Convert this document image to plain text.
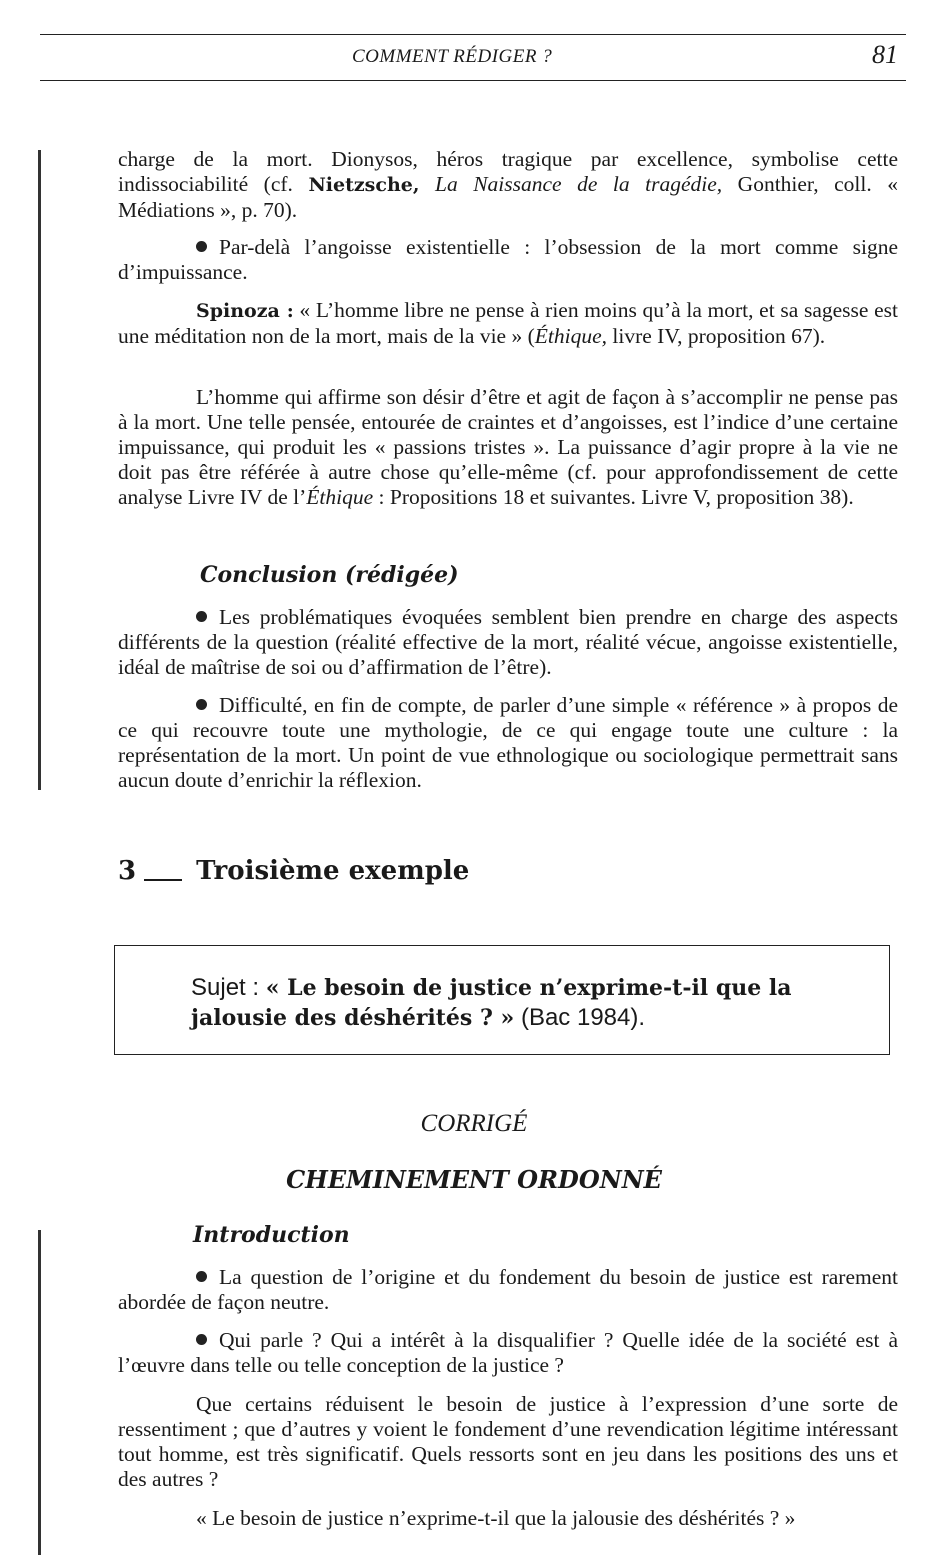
COMMENT RÉDIGER ?	81
charge de la mort. Dionysos, héros tragique par excellence, symbolise cette indissociabilité (cf. Nietzsche, La Naissance de la tragédie, Gonthier, coll. « Médiations », p. 70).
Par-delà l’angoisse existentielle : l’obsession de la mort comme signe d’impuissance.
Spinoza : « L’homme libre ne pense à rien moins qu’à la mort, et sa sagesse est une méditation non de la mort, mais de la vie » (Éthique, livre IV, proposition 67).
L’homme qui affirme son désir d’être et agit de façon à s’accomplir ne pense pas à la mort. Une telle pensée, entourée de craintes et d’angoisses, est l’indice d’une certaine impuissance, qui produit les « passions tristes ». La puissance d’agir propre à la vie ne doit pas être référée à autre chose qu’elle-même (cf. pour approfondissement de cette analyse Livre IV de l’Éthique : Propositions 18 et suivantes. Livre V, proposition 38).
Conclusion (rédigée)
Les problématiques évoquées semblent bien prendre en charge des aspects différents de la question (réalité effective de la mort, réalité vécue, angoisse existentielle, idéal de maîtrise de soi ou d’affirmation de l’être).
Difficulté, en fin de compte, de parler d’une simple « référence » à propos de ce qui recouvre toute une mythologie, de ce qui engage toute une culture : la représentation de la mort. Un point de vue ethnologique ou sociologique permettrait sans aucun doute d’enrichir la réflexion.
3 Troisième exemple
Sujet : « Le besoin de justice n’exprime-t-il que la jalousie des déshérités ? » (Bac 1984).
CORRIGÉ
CHEMINEMENT ORDONNÉ
Introduction
La question de l’origine et du fondement du besoin de justice est rarement abordée de façon neutre.
Qui parle ? Qui a intérêt à la disqualifier ? Quelle idée de la société est à l’œuvre dans telle ou telle conception de la justice ?
Que certains réduisent le besoin de justice à l’expression d’une sorte de ressentiment ; que d’autres y voient le fondement d’une revendication légitime intéressant tout homme, est très significatif. Quels ressorts sont en jeu dans les positions des uns et des autres ?
« Le besoin de justice n’exprime-t-il que la jalousie des déshérités ? »
